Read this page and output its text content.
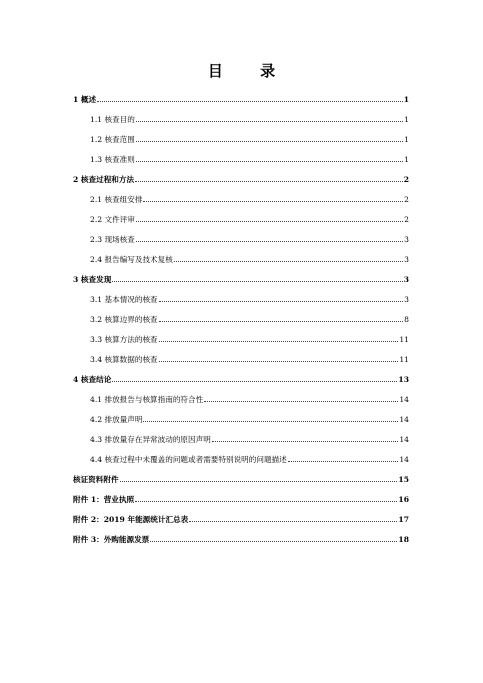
目 录
1 概述	1
1.1 核查目的	1
1.2 核查范围	1
1.3 核查准则	1
2 核查过程和方法	2
2.1 核查组安排	2
2.2 文件评审	2
2.3 现场核查	3
2.4 报告编写及技术复核	3
3 核查发现	3
3.1 基本情况的核查	3
3.2 核算边界的核查	8
3.3 核算方法的核查	11
3.4 核算数据的核查	11
4 核查结论	13
4.1 排放报告与核算指南的符合性	14
4.2 排放量声明	14
4.3 排放量存在异常波动的原因声明	14
4.4 核查过程中未覆盖的问题或者需要特别说明的问题描述	14
核证资料附件	15
附件 1：营业执照	16
附件 2：2019 年能源统计汇总表	17
附件 3：外购能源发票	18
